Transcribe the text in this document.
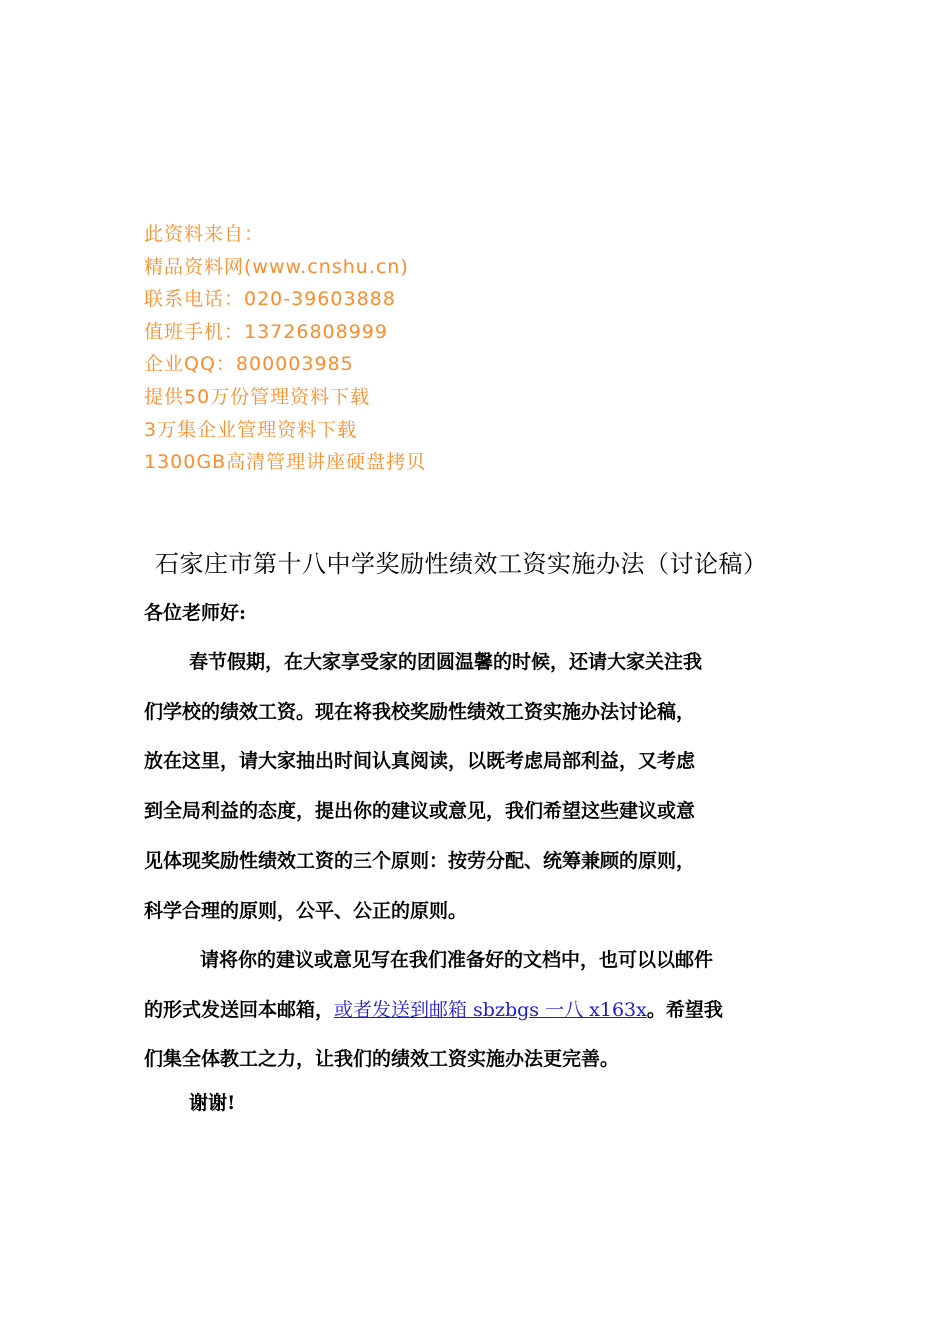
此资料来自：
精品资料网(www.cnshu.cn)
联系电话：020-39603888
值班手机：13726808999
企业QQ：800003985
提供50万份管理资料下载
3万集企业管理资料下载
1300GB高清管理讲座硬盘拷贝
石家庄市第十八中学奖励性绩效工资实施办法（讨论稿）
各位老师好:
春节假期，在大家享受家的团圆温馨的时候，还请大家关注我
们学校的绩效工资。现在将我校奖励性绩效工资实施办法讨论稿，
放在这里，请大家抽出时间认真阅读，以既考虑局部利益，又考虑
到全局利益的态度，提出你的建议或意见，我们希望这些建议或意
见体现奖励性绩效工资的三个原则：按劳分配、统筹兼顾的原则，
科学合理的原则，公平、公正的原则。
请将你的建议或意见写在我们准备好的文档中，也可以以邮件
的形式发送回本邮箱，或者发送到邮箱 sbzbgs 一八 x163x。希望我
们集全体教工之力，让我们的绩效工资实施办法更完善。
谢谢!
